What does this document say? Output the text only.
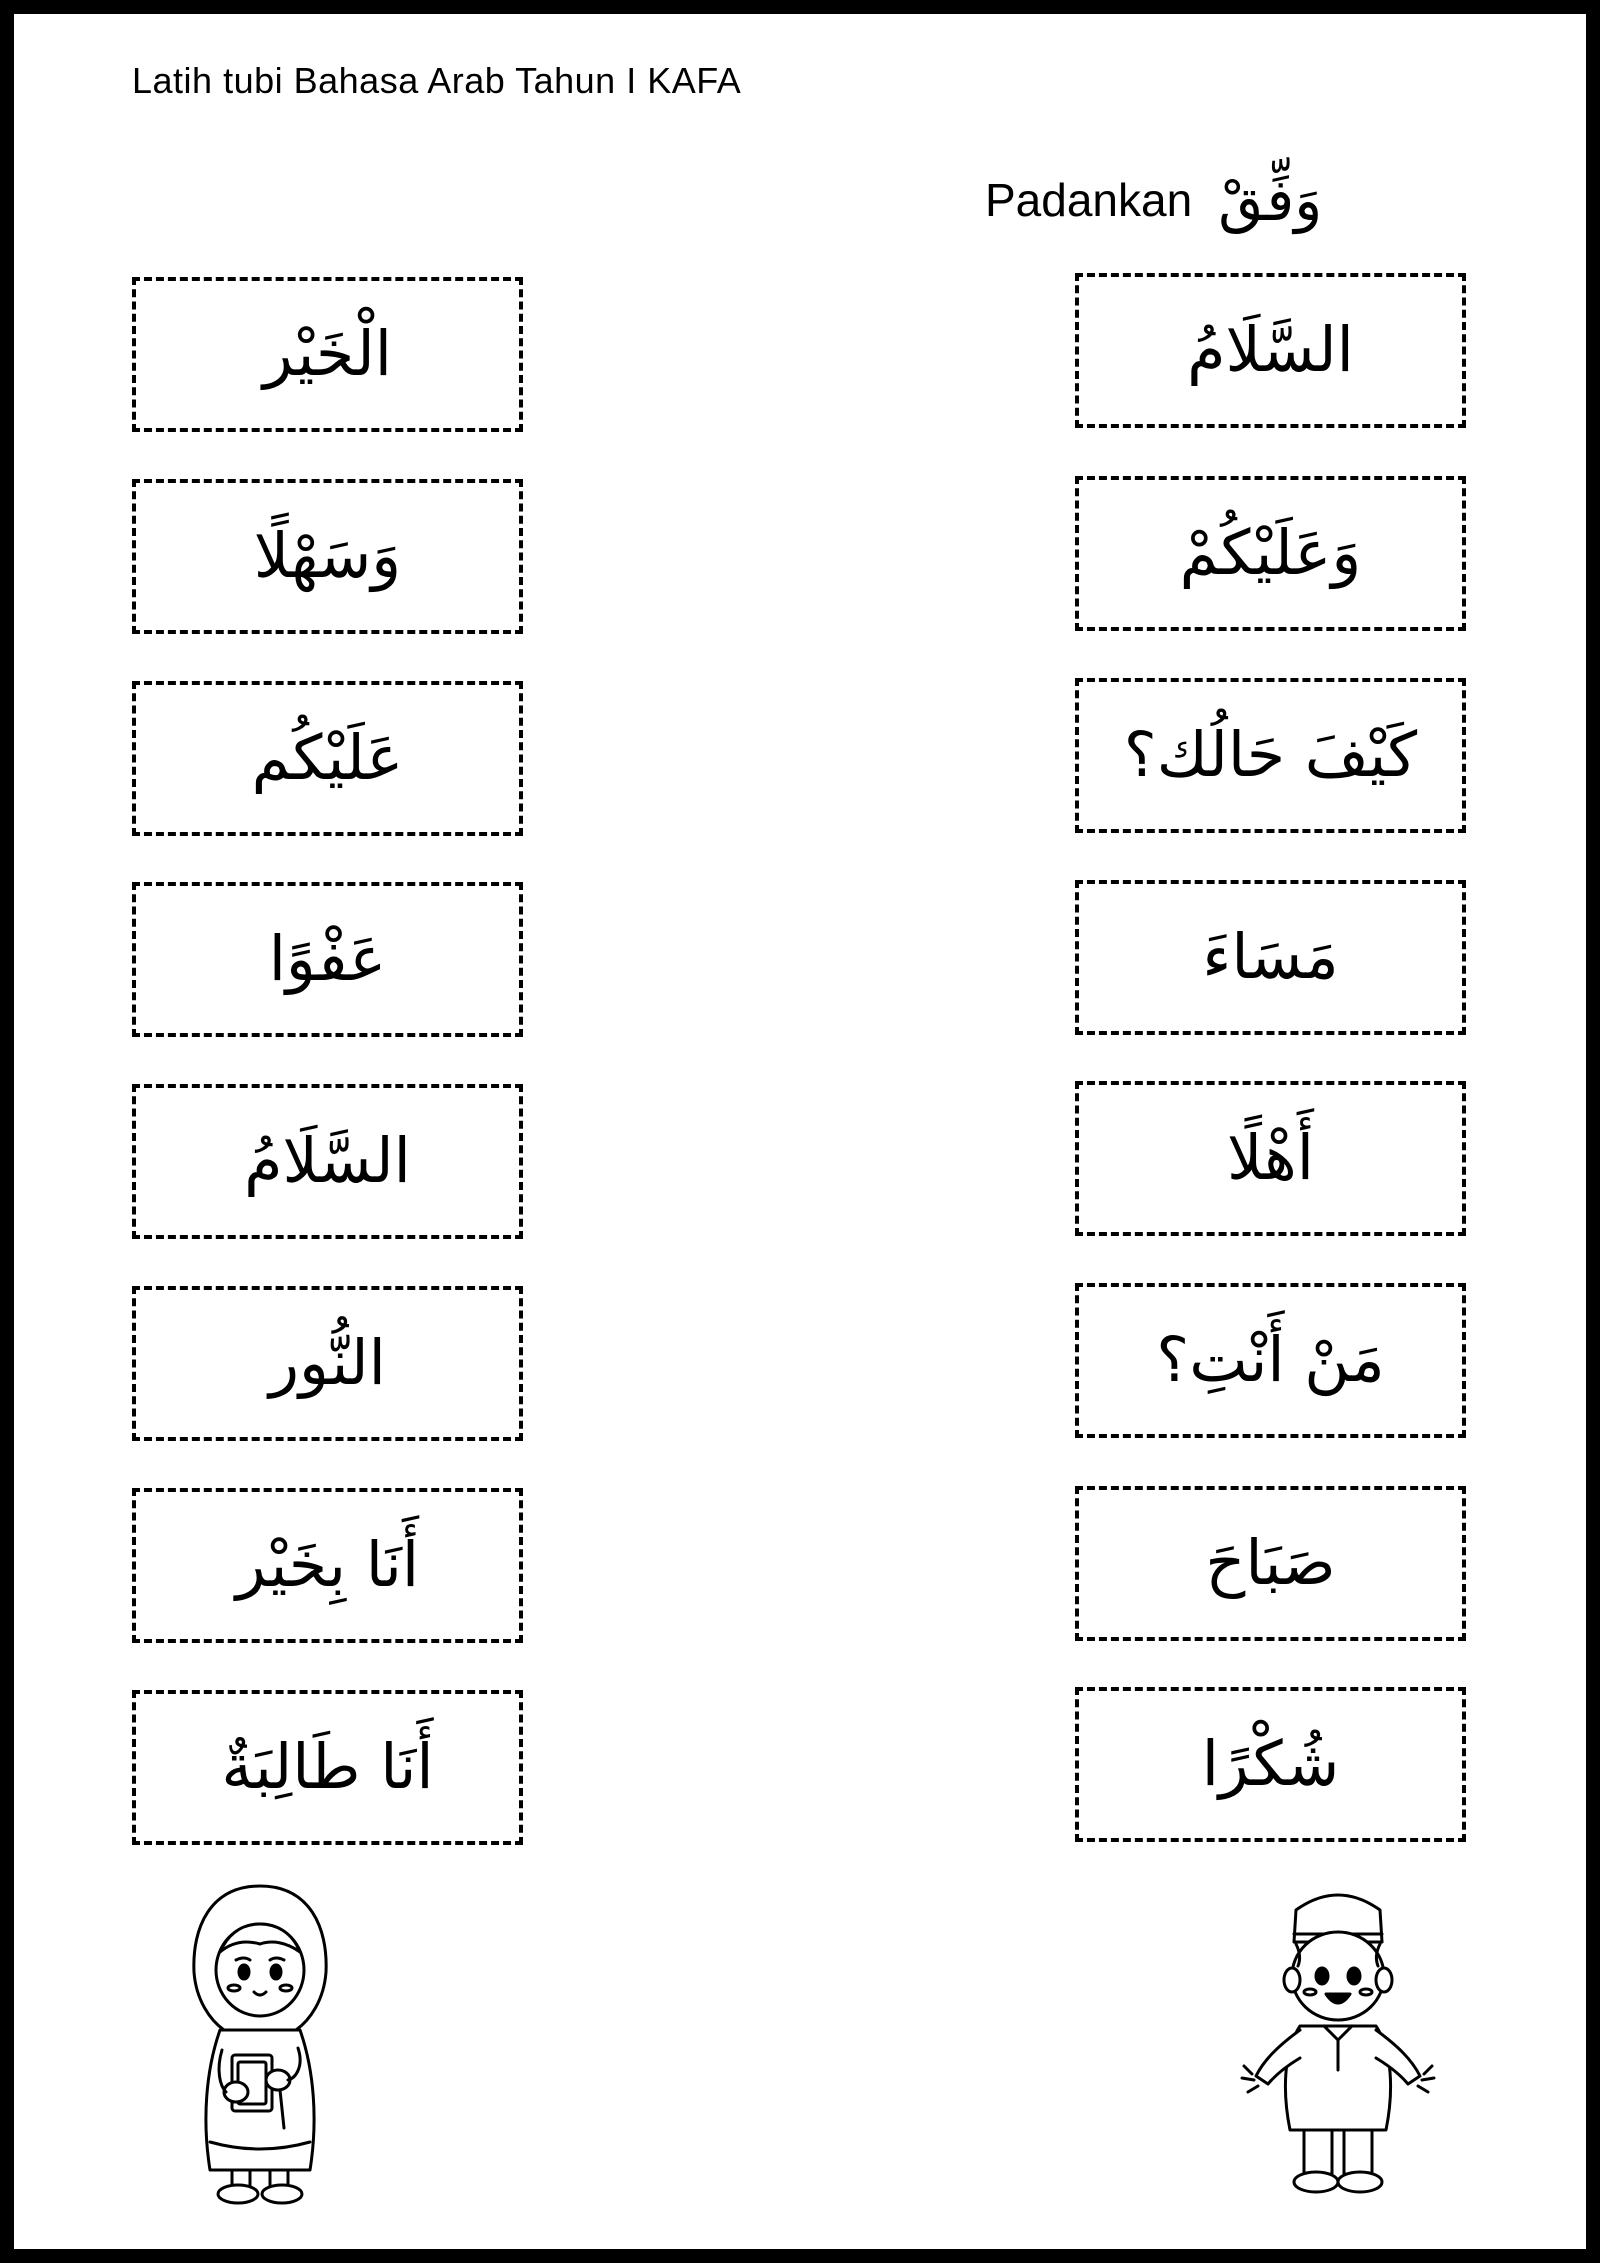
Latih tubi Bahasa Arab Tahun I KAFA
Padankan وَفِّقْ
الْخَيْر
وَسَهْلًا
عَلَيْكُم
عَفْوًا
السَّلَامُ
النُّور
أَنَا بِخَيْر
أَنَا طَالِبَةٌ
السَّلَامُ
وَعَلَيْكُمْ
كَيْفَ حَالُك؟
مَسَاءَ
أَهْلًا
مَنْ أَنْتِ؟
صَبَاحَ
شُكْرًا
